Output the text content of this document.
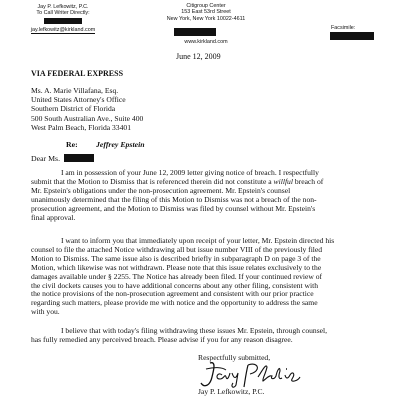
Jay P. Lefkowitz, P.C.
To Call Writer Directly:
jay.lefkowitz@kirkland.com
Citigroup Center
153 East 53rd Street
New York, New York 10022-4611
www.kirkland.com
Facsimile:
June 12, 2009
VIA FEDERAL EXPRESS
Ms. A. Marie Villafana, Esq.
United States Attorney's Office
Southern District of Florida
500 South Australian Ave., Suite 400
West Palm Beach, Florida 33401
Re: Jeffrey Epstein
Dear Ms.
I am in possession of your June 12, 2009 letter giving notice of breach. I respectfully
submit that the Motion to Dismiss that is referenced therein did not constitute a willful breach of
Mr. Epstein's obligations under the non-prosecution agreement. Mr. Epstein's counsel
unanimously determined that the filing of this Motion to Dismiss was not a breach of the non-
prosecution agreement, and the Motion to Dismiss was filed by counsel without Mr. Epstein's
final approval.
I want to inform you that immediately upon receipt of your letter, Mr. Epstein directed his
counsel to file the attached Notice withdrawing all but issue number VIII of the previously filed
Motion to Dismiss. The same issue also is described briefly in subparagraph D on page 3 of the
Motion, which likewise was not withdrawn. Please note that this issue relates exclusively to the
damages available under § 2255. The Notice has already been filed. If your continued review of
the civil dockets causes you to have additional concerns about any other filing, consistent with
the notice provisions of the non-prosecution agreement and consistent with our prior practice
regarding such matters, please provide me with notice and the opportunity to address the same
with you.
I believe that with today's filing withdrawing these issues Mr. Epstein, through counsel,
has fully remedied any perceived breach. Please advise if you for any reason disagree.
Respectfully submitted,
Jay P. Lefkowitz, P.C.
